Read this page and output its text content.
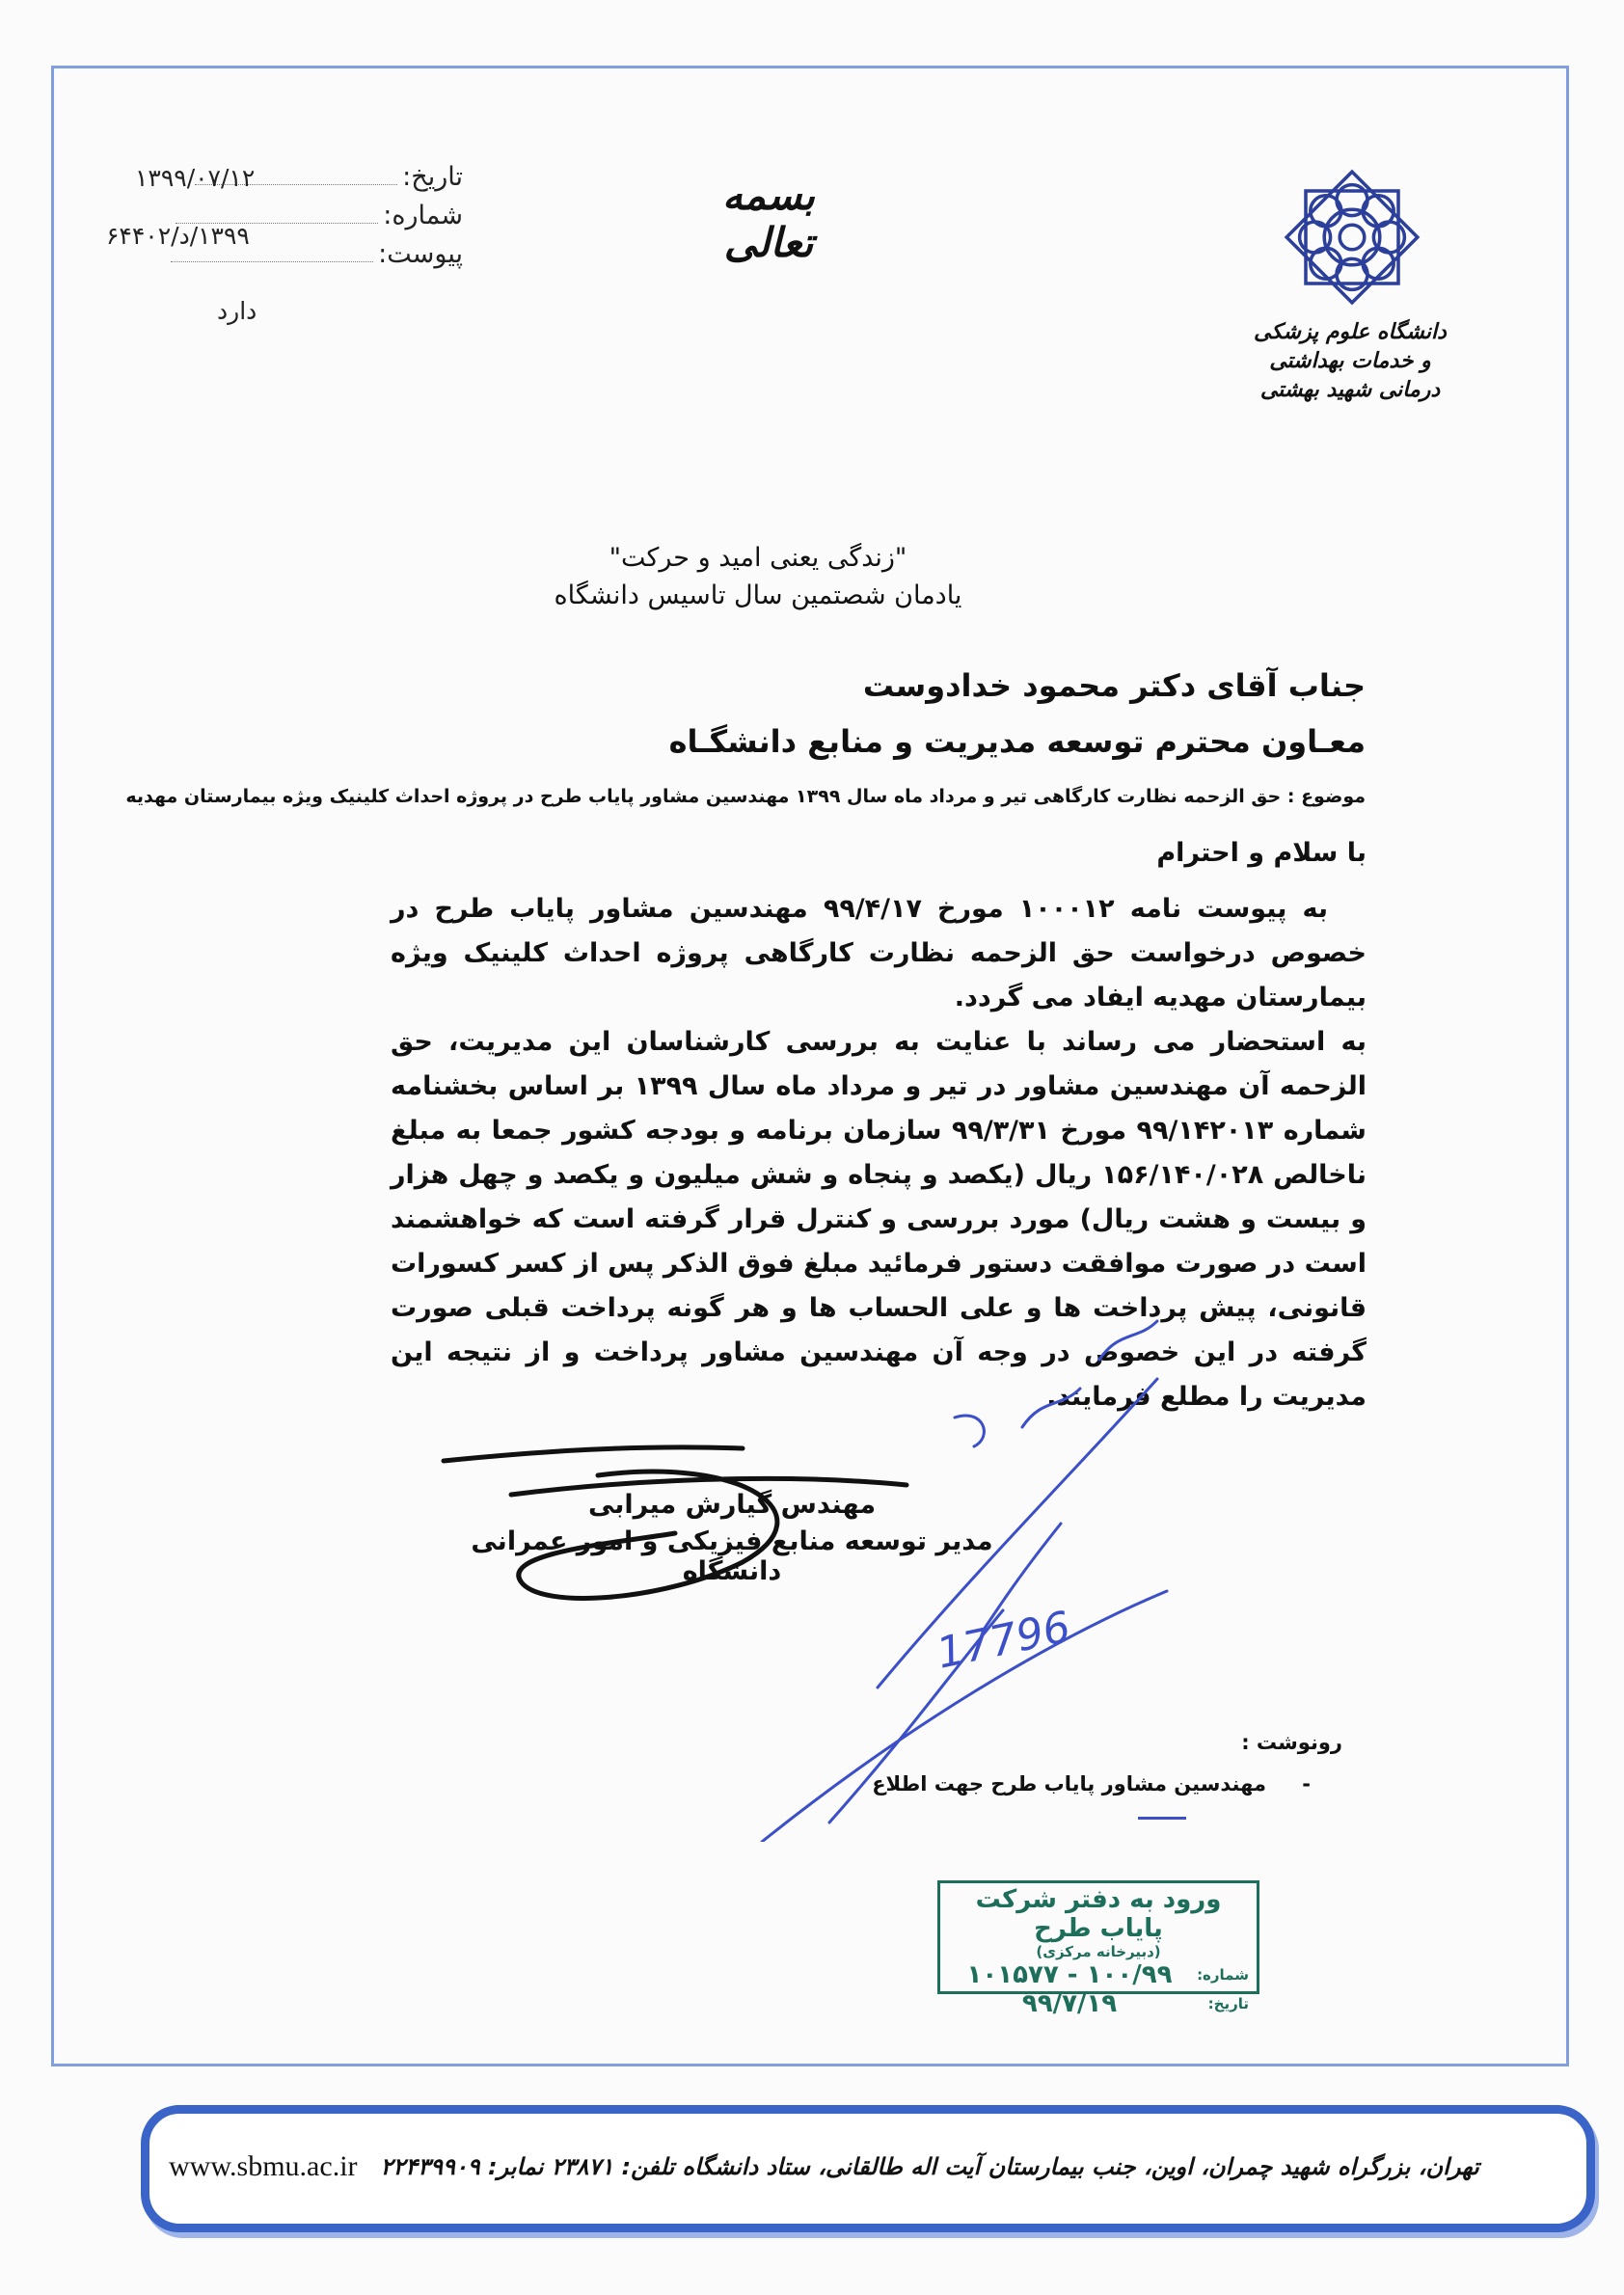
دانشگاه علوم پزشکی و خدمات بهداشتی درمانی شهید بهشتی
بسمه تعالی
تاریخ:
۱۳۹۹/۰۷/۱۲
شماره:
۱۳۹۹/د/۶۴۴۰۲
پیوست:
دارد
"زندگی یعنی امید و حرکت"
یادمان شصتمین سال تاسیس دانشگاه
جناب آقای دکتر محمود خدادوست
معـاون محترم توسعه مدیریت و منابع دانشگـاه
موضوع : حق الزحمه نظارت کارگاهی تیر و مرداد ماه سال ۱۳۹۹ مهندسین مشاور پایاب طرح در پروژه احداث کلینیک ویژه بیمارستان مهدیه

با سلام و احترام

به پیوست نامه ۱۰۰۰۱۲ مورخ ۹۹/۴/۱۷ مهندسین مشاور پایاب طرح در خصوص درخواست حق الزحمه نظارت کارگاهی پروژه احداث کلینیک ویژه بیمارستان مهدیه ایفاد می گردد.

به استحضار می رساند با عنایت به بررسی کارشناسان این مدیریت، حق الزحمه آن مهندسین مشاور در تیر و مرداد ماه سال ۱۳۹۹ بر اساس بخشنامه شماره ۹۹/۱۴۲۰۱۳ مورخ ۹۹/۳/۳۱ سازمان برنامه و بودجه کشور جمعا به مبلغ ناخالص ۱۵۶/۱۴۰/۰۲۸ ریال (یکصد و پنجاه و شش میلیون و یکصد و چهل هزار و بیست و هشت ریال) مورد بررسی و کنترل قرار گرفته است که خواهشمند است در صورت موافقت دستور فرمائید مبلغ فوق الذکر پس از کسر کسورات قانونی، پیش پرداخت ها و علی الحساب ها و هر گونه پرداخت قبلی صورت گرفته در این خصوص در وجه آن مهندسین مشاور پرداخت و از نتیجه این مدیریت را مطلع فرمایند.

مهندس گیارش میرابی
مدیر توسعه منابع فیزیکی و امور عمرانی دانشگاه
17796
رونوشت :
- مهندسین مشاور پایاب طرح جهت اطلاع
ورود به دفتر شرکت پایاب طرح
(دبیرخانه مرکزی)
شماره:
۱۰۰/۹۹ - ۱۰۱۵۷۷
تاریخ:
۹۹/۷/۱۹
www.sbmu.ac.ir تهران، بزرگراه شهید چمران، اوین، جنب بیمارستان آیت اله طالقانی، ستاد دانشگاه تلفن: ۲۳۸۷۱ نمابر: ۲۲۴۳۹۹۰۹
